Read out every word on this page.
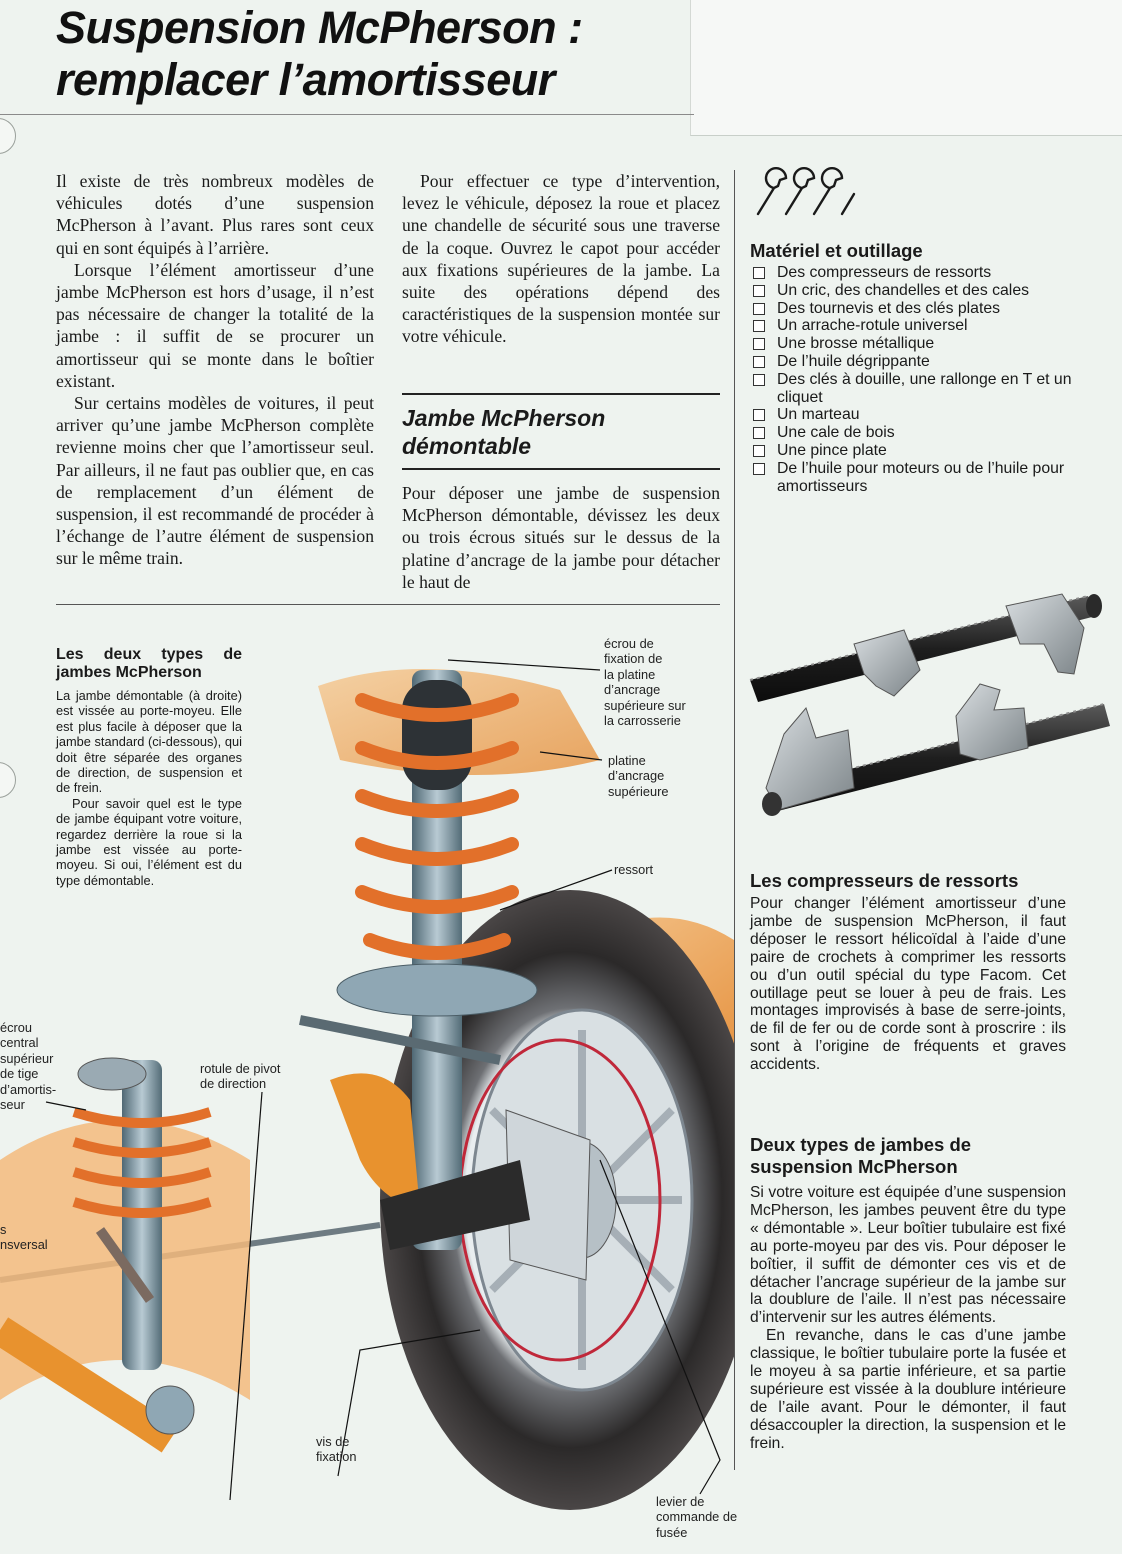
Suspension McPherson :
remplacer l’amortisseur

Il existe de très nombreux modèles de véhicules dotés d’une suspension McPherson à l’avant. Plus rares sont ceux qui en sont équipés à l’arrière.

Lorsque l’élément amortisseur d’une jambe McPherson est hors d’usage, il n’est pas nécessaire de changer la totalité de la jambe : il suffit de se procurer un amortisseur qui se monte dans le boîtier existant.

Sur certains modèles de voitures, il peut arriver qu’une jambe McPherson complète revienne moins cher que l’amortisseur seul. Par ailleurs, il ne faut pas oublier que, en cas de remplacement d’un élément de suspension, il est recommandé de procéder à l’échange de l’autre élément de suspension sur le même train.

Pour effectuer ce type d’intervention, levez le véhicule, déposez la roue et placez une chandelle de sécurité sous une traverse de la coque. Ouvrez le capot pour accéder aux fixations supérieures de la jambe. La suite des opérations dépend des caractéristiques de la suspension montée sur votre véhicule.

Jambe McPherson
démontable

Pour déposer une jambe de suspension McPherson démontable, dévissez les deux ou trois écrous situés sur le dessus de la platine d’ancrage de la jambe pour détacher le haut de

Matériel et outillage
Des compresseurs de ressorts
Un cric, des chandelles et des cales
Des tournevis et des clés plates
Un arrache-rotule universel
Une brosse métallique
De l’huile dégrippante
Des clés à douille, une rallonge en T et un cliquet
Un marteau
Une cale de bois
Une pince plate
De l’huile pour moteurs ou de l’huile pour amortisseurs
Les compresseurs de ressorts
Pour changer l’élément amortisseur d’une jambe de suspension McPherson, il faut déposer le ressort hélicoïdal à l’aide d’une paire de crochets à comprimer les ressorts ou d’un outil spécial du type Facom. Cet outillage peut se louer à peu de frais. Les montages improvisés à base de serre-joints, de fil de fer ou de corde sont à proscrire : ils sont à l’origine de fréquents et graves accidents.
Deux types de jambes de
suspension McPherson

Si votre voiture est équipée d’une suspension McPherson, les jambes peuvent être du type « démontable ». Leur boîtier tubulaire est fixé au porte-moyeu par des vis. Pour déposer le boîtier, il suffit de démonter ces vis et de détacher l’ancrage supérieur de la jambe sur la doublure de l’aile. Il n’est pas nécessaire d’intervenir sur les autres éléments.

En revanche, dans le cas d’une jambe classique, le boîtier tubulaire porte la fusée et le moyeu à sa partie inférieure, et sa partie supérieure est vissée à la doublure intérieure de l’aile avant. Pour le démonter, il faut désaccoupler la direction, la suspension et le frein.

Les deux types de
jambes McPherson

La jambe démontable (à droite) est vissée au porte-moyeu. Elle est plus facile à déposer que la jambe standard (ci-dessous), qui doit être séparée des organes de direction, de suspension et de frein.

Pour savoir quel est le type de jambe équipant votre voiture, regardez derrière la roue si la jambe est vissée au porte-moyeu. Si oui, l’élément est du type démontable.

écrou de
fixation de
la platine
d’ancrage
supérieure sur
la carrosserie
platine
d’ancrage
supérieure
ressort
écrou
central
supérieur
de tige
d’amortis-
seur
rotule de pivot
de direction
s
nsversal
vis de
fixation
levier de
commande de
fusée
